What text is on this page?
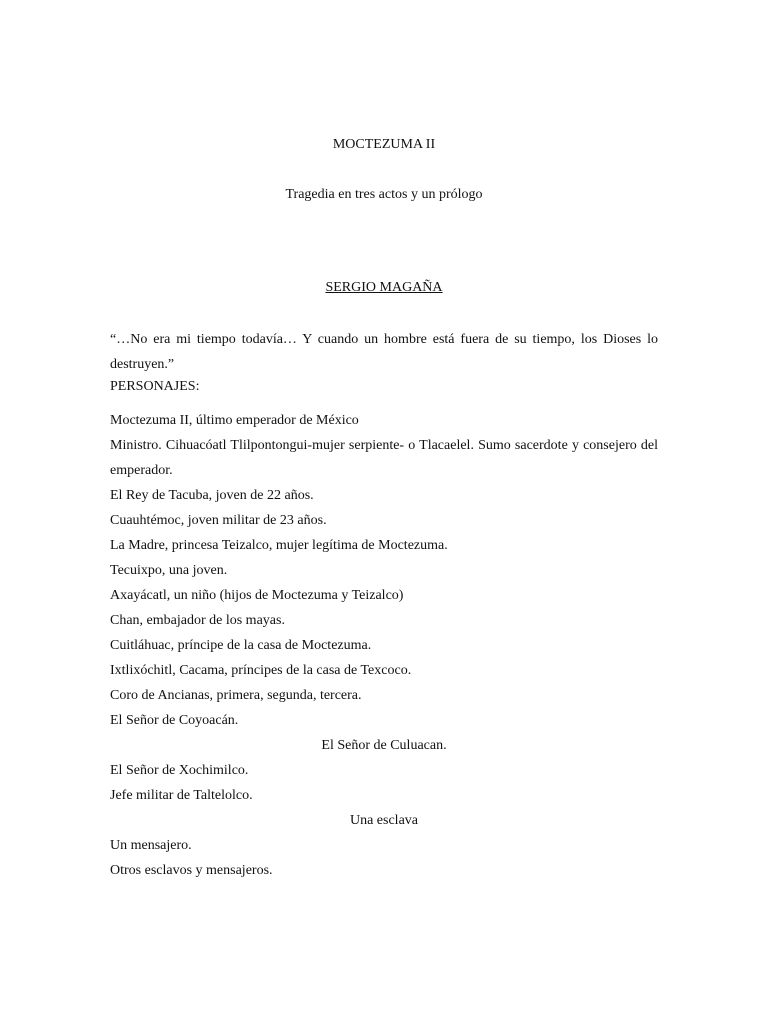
MOCTEZUMA II

Tragedia en tres actos y un prólogo

SERGIO MAGAÑA

“…No era mi tiempo todavía… Y cuando un hombre está fuera de su tiempo, los Dioses lo destruyen.”

PERSONAJES:

Moctezuma II, último emperador de México
Ministro. Cihuacóatl Tlilpontongui-mujer serpiente- o Tlacaelel. Sumo sacerdote y consejero del emperador.
El Rey de Tacuba, joven de 22 años.
Cuauhtémoc, joven militar de 23 años.
La Madre, princesa Teizalco, mujer legítima de Moctezuma.
Tecuixpo, una joven.
Axayácatl, un niño (hijos de Moctezuma y Teizalco)
Chan, embajador de los mayas.
Cuitláhuac, príncipe de la casa de Moctezuma.
Ixtlixóchitl, Cacama, príncipes de la casa de Texcoco.
Coro de Ancianas, primera, segunda, tercera.
El Señor de Coyoacán.
El Señor de Culuacan.
El Señor de Xochimilco.
Jefe militar de Taltelolco.
Una esclava
Un mensajero.
Otros esclavos y mensajeros.
